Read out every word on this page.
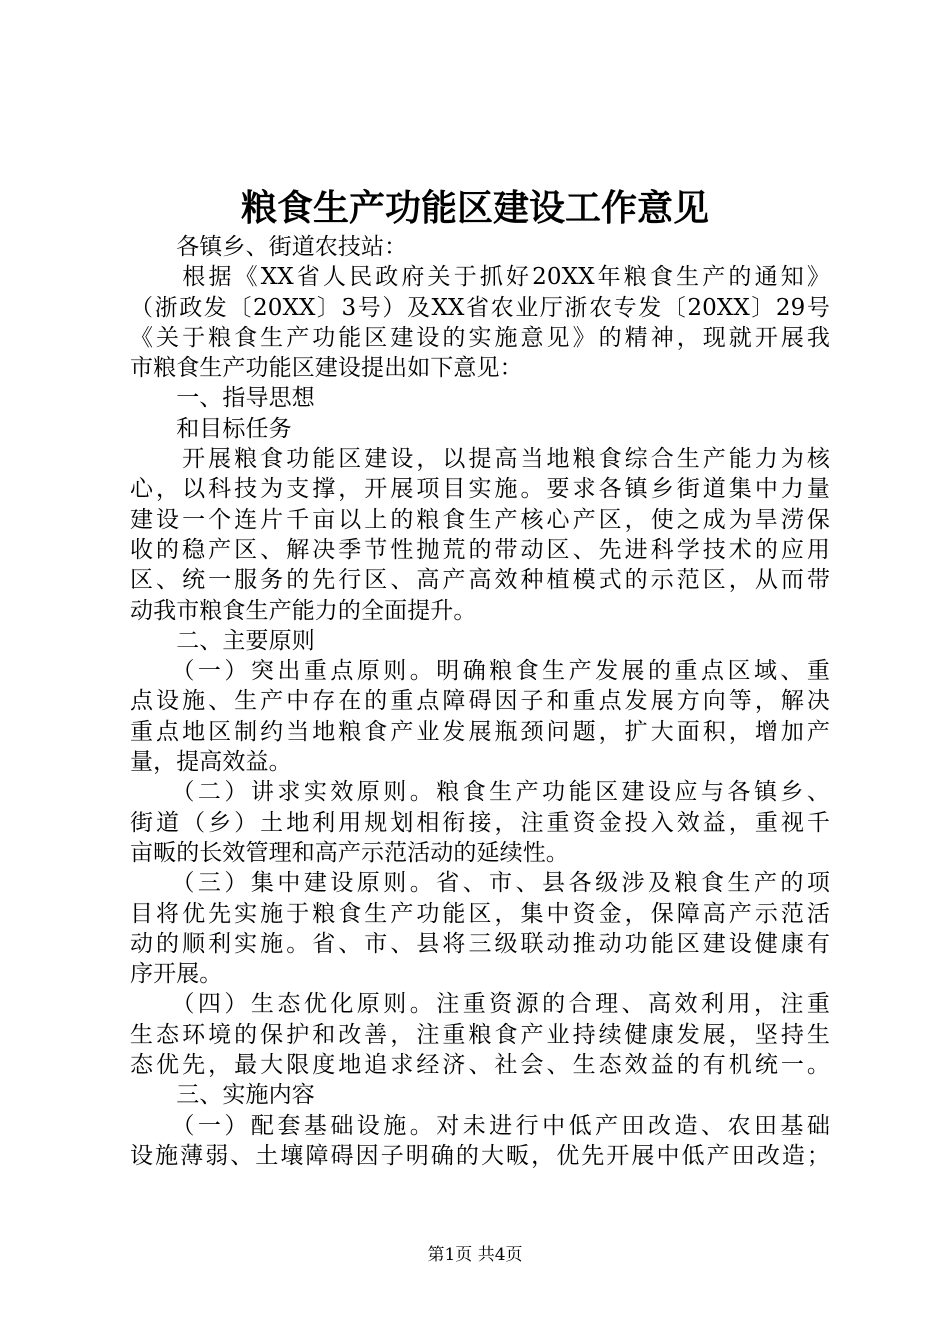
粮食生产功能区建设工作意见
　　各镇乡、街道农技站：
　　根据《XX省人民政府关于抓好20XX年粮食生产的通知》
（浙政发〔20XX〕3号）及XX省农业厅浙农专发〔20XX〕29号
《关于粮食生产功能区建设的实施意见》的精神，现就开展我
市粮食生产功能区建设提出如下意见：
　　一、指导思想
　　和目标任务
　　开展粮食功能区建设，以提高当地粮食综合生产能力为核
心，以科技为支撑，开展项目实施。要求各镇乡街道集中力量
建设一个连片千亩以上的粮食生产核心产区，使之成为旱涝保
收的稳产区、解决季节性抛荒的带动区、先进科学技术的应用
区、统一服务的先行区、高产高效种植模式的示范区，从而带
动我市粮食生产能力的全面提升。
　　二、主要原则
　　（一）突出重点原则。明确粮食生产发展的重点区域、重
点设施、生产中存在的重点障碍因子和重点发展方向等，解决
重点地区制约当地粮食产业发展瓶颈问题，扩大面积，增加产
量，提高效益。
　　（二）讲求实效原则。粮食生产功能区建设应与各镇乡、
街道（乡）土地利用规划相衔接，注重资金投入效益，重视千
亩畈的长效管理和高产示范活动的延续性。
　　（三）集中建设原则。省、市、县各级涉及粮食生产的项
目将优先实施于粮食生产功能区，集中资金，保障高产示范活
动的顺利实施。省、市、县将三级联动推动功能区建设健康有
序开展。
　　（四）生态优化原则。注重资源的合理、高效利用，注重
生态环境的保护和改善，注重粮食产业持续健康发展，坚持生
态优先，最大限度地追求经济、社会、生态效益的有机统一。
　　三、实施内容
　　（一）配套基础设施。对未进行中低产田改造、农田基础
设施薄弱、土壤障碍因子明确的大畈，优先开展中低产田改造；
第1页 共4页
